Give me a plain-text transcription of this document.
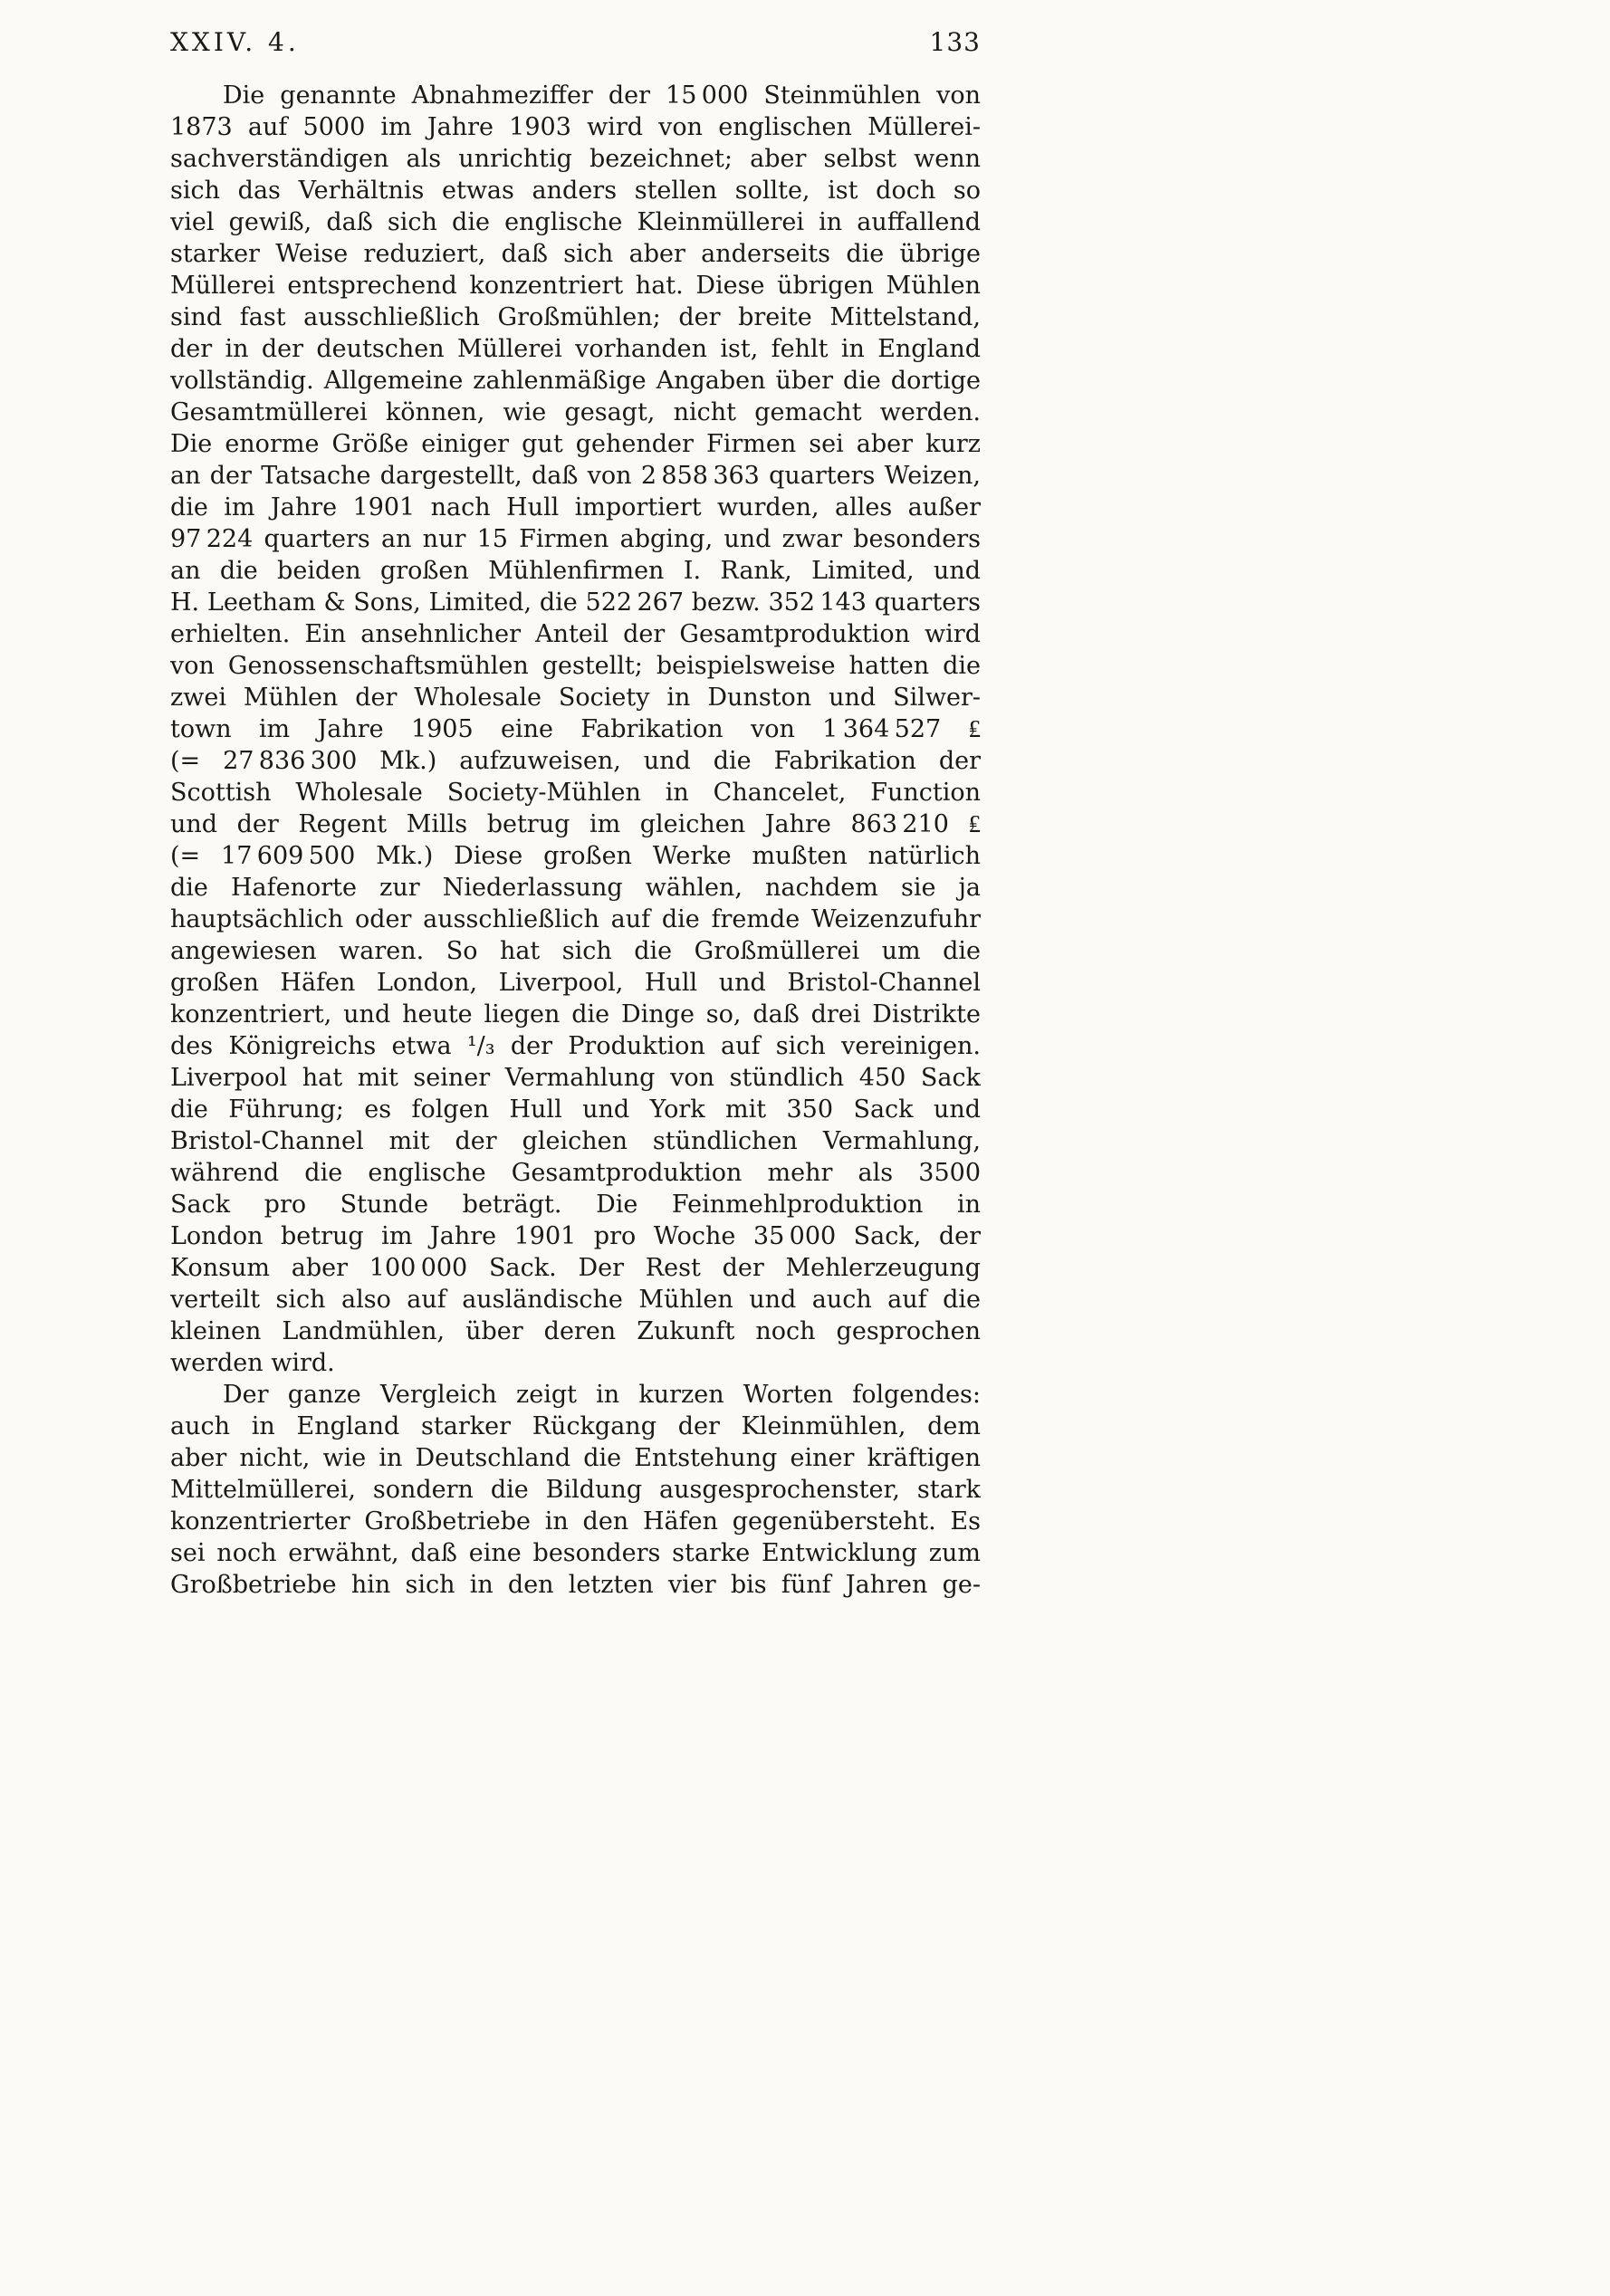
XXIV. 4.	133
Die genannte Abnahmeziffer der 15 000 Steinmühlen von
1873 auf 5000 im Jahre 1903 wird von englischen Müllerei-
sachverständigen als unrichtig bezeichnet; aber selbst wenn
sich das Verhältnis etwas anders stellen sollte, ist doch so
viel gewiß, daß sich die englische Kleinmüllerei in auffallend
starker Weise reduziert, daß sich aber anderseits die übrige
Müllerei entsprechend konzentriert hat. Diese übrigen Mühlen
sind fast ausschließlich Großmühlen; der breite Mittelstand,
der in der deutschen Müllerei vorhanden ist, fehlt in England
vollständig. Allgemeine zahlenmäßige Angaben über die dortige
Gesamtmüllerei können, wie gesagt, nicht gemacht werden.
Die enorme Größe einiger gut gehender Firmen sei aber kurz
an der Tatsache dargestellt, daß von 2 858 363 quarters Weizen,
die im Jahre 1901 nach Hull importiert wurden, alles außer
97 224 quarters an nur 15 Firmen abging, und zwar besonders
an die beiden großen Mühlenfirmen I. Rank, Limited, und
H. Leetham & Sons, Limited, die 522 267 bezw. 352 143 quarters
erhielten. Ein ansehnlicher Anteil der Gesamtproduktion wird
von Genossenschaftsmühlen gestellt; beispielsweise hatten die
zwei Mühlen der Wholesale Society in Dunston und Silwer-
town im Jahre 1905 eine Fabrikation von 1 364 527 ₤
(= 27 836 300 Mk.) aufzuweisen, und die Fabrikation der
Scottish Wholesale Society-Mühlen in Chancelet, Function
und der Regent Mills betrug im gleichen Jahre 863 210 ₤
(= 17 609 500 Mk.) Diese großen Werke mußten natürlich
die Hafenorte zur Niederlassung wählen, nachdem sie ja
hauptsächlich oder ausschließlich auf die fremde Weizenzufuhr
angewiesen waren. So hat sich die Großmüllerei um die
großen Häfen London, Liverpool, Hull und Bristol-Channel
konzentriert, und heute liegen die Dinge so, daß drei Distrikte
des Königreichs etwa ¹/₃ der Produktion auf sich vereinigen.
Liverpool hat mit seiner Vermahlung von stündlich 450 Sack
die Führung; es folgen Hull und York mit 350 Sack und
Bristol-Channel mit der gleichen stündlichen Vermahlung,
während die englische Gesamtproduktion mehr als 3500
Sack pro Stunde beträgt. Die Feinmehlproduktion in
London betrug im Jahre 1901 pro Woche 35 000 Sack, der
Konsum aber 100 000 Sack. Der Rest der Mehlerzeugung
verteilt sich also auf ausländische Mühlen und auch auf die
kleinen Landmühlen, über deren Zukunft noch gesprochen
werden wird.
Der ganze Vergleich zeigt in kurzen Worten folgendes:
auch in England starker Rückgang der Kleinmühlen, dem
aber nicht, wie in Deutschland die Entstehung einer kräftigen
Mittelmüllerei, sondern die Bildung ausgesprochenster, stark
konzentrierter Großbetriebe in den Häfen gegenübersteht. Es
sei noch erwähnt, daß eine besonders starke Entwicklung zum
Großbetriebe hin sich in den letzten vier bis fünf Jahren ge-
